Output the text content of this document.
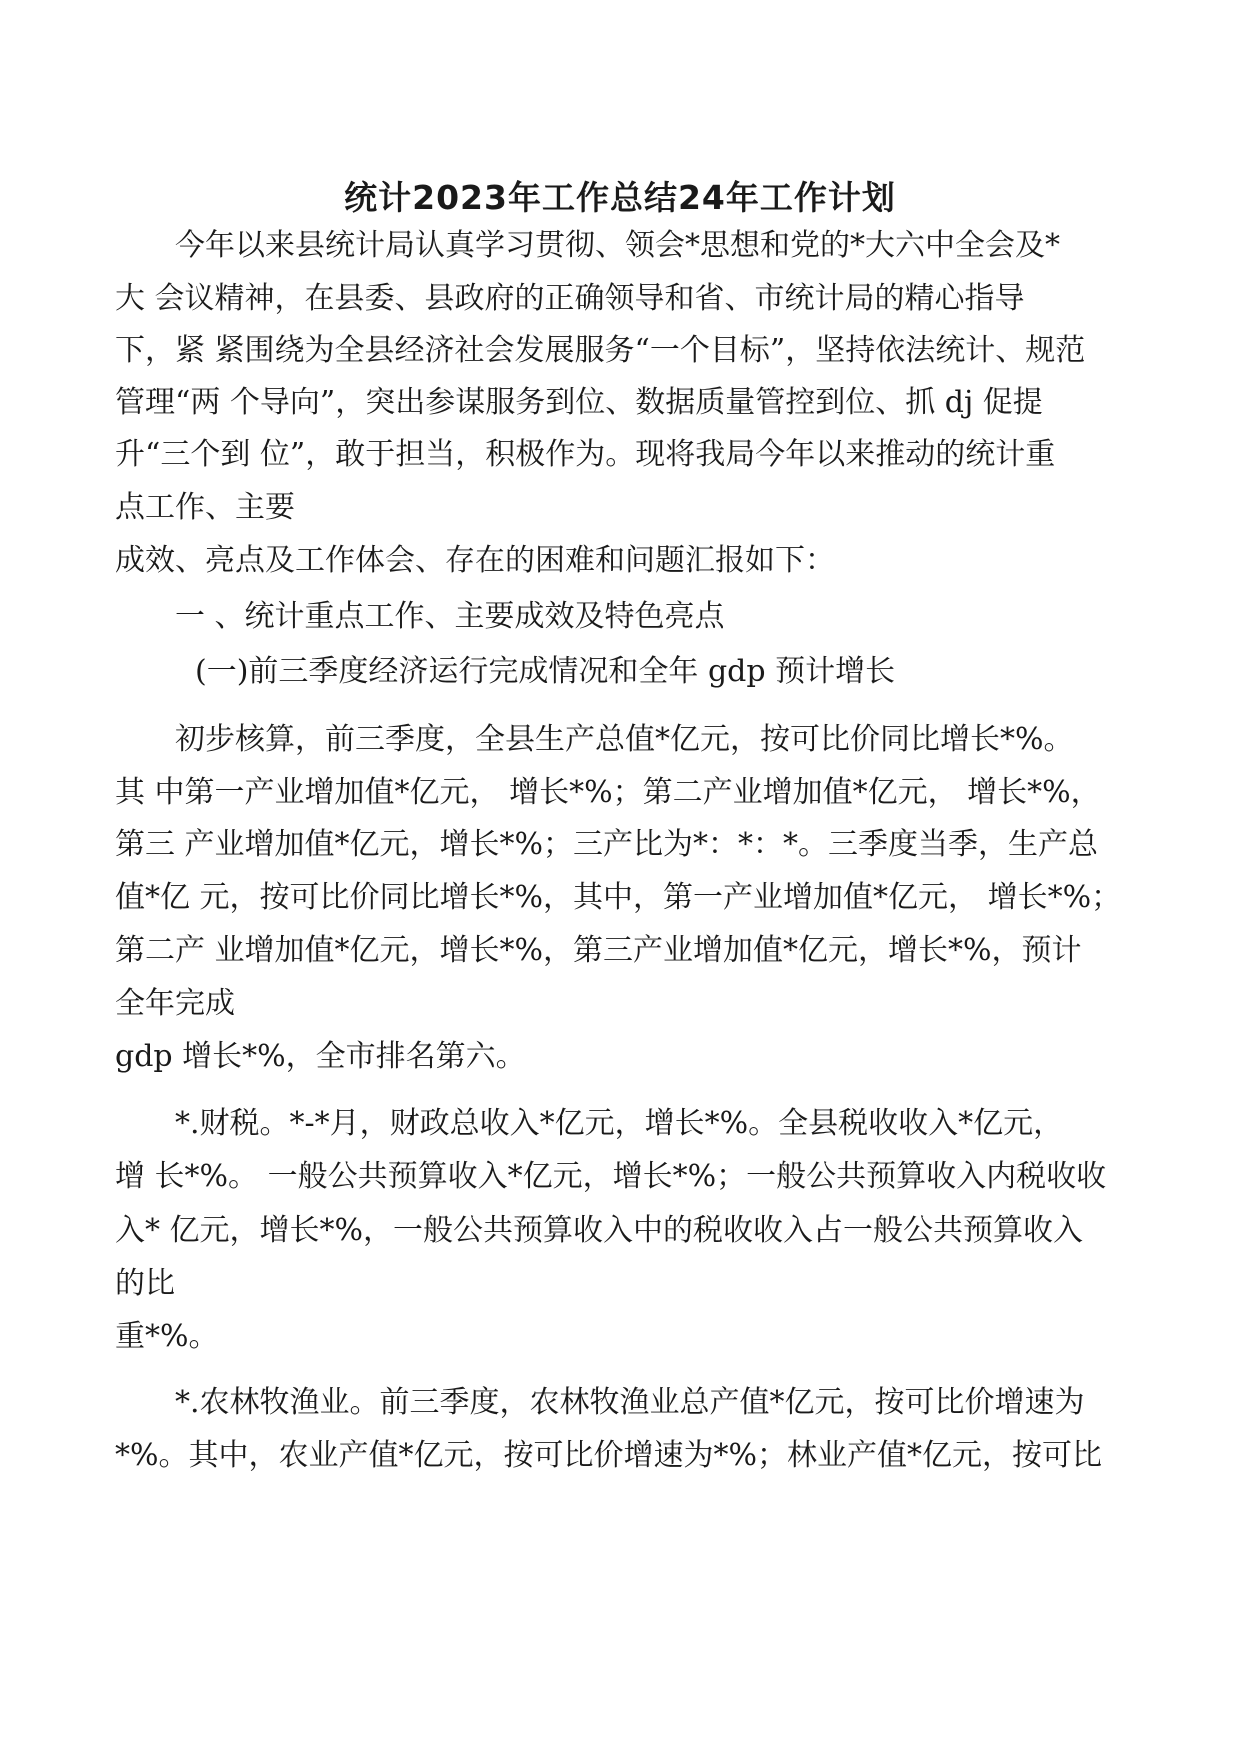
统计2023年工作总结24年工作计划
今年以来县统计局认真学习贯彻、领会*思想和党的*大六中全会及*
大 会议精神，在县委、县政府的正确领导和省、市统计局的精心指导
下，紧 紧围绕为全县经济社会发展服务“一个目标”，坚持依法统计、规范
管理“两 个导向”，突出参谋服务到位、数据质量管控到位、抓 dj 促提
升“三个到 位”，敢于担当，积极作为。现将我局今年以来推动的统计重
点工作、主要
成效、亮点及工作体会、存在的困难和问题汇报如下：
一 、统计重点工作、主要成效及特色亮点
(一)前三季度经济运行完成情况和全年 gdp 预计增长
初步核算，前三季度，全县生产总值*亿元，按可比价同比增长*%。
其 中第一产业增加值*亿元， 增长*%；第二产业增加值*亿元， 增长*%，
第三 产业增加值*亿元，增长*%；三产比为*：*：*。三季度当季，生产总
值*亿 元，按可比价同比增长*%，其中，第一产业增加值*亿元， 增长*%；
第二产 业增加值*亿元，增长*%，第三产业增加值*亿元，增长*%，预计
全年完成
gdp 增长*%，全市排名第六。
*.财税。*-*月，财政总收入*亿元，增长*%。全县税收收入*亿元，
增 长*%。 一般公共预算收入*亿元，增长*%；一般公共预算收入内税收收
入* 亿元，增长*%，一般公共预算收入中的税收收入占一般公共预算收入
的比
重*%。
*.农林牧渔业。前三季度，农林牧渔业总产值*亿元，按可比价增速为
*%。其中，农业产值*亿元，按可比价增速为*%；林业产值*亿元，按可比
